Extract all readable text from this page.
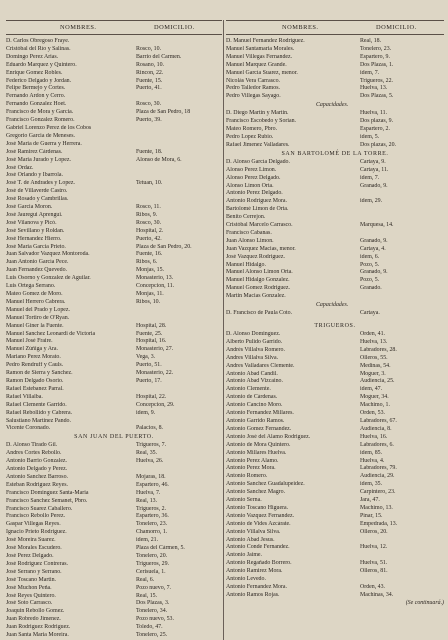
NOMBRES.	DOMICILIO.
D. Carlos Obregoso Fraye.
Cristóbal del Río y Salinas.	Rosco, 10.
Domingo Perez Arias.	Barrio del Carmen.
Eduardo Marquez y Quintero.	Rosano, 10.
Enrique Gomez Robles.	Rincon, 22.
Federico Delgado y Jordan.	Fuente, 15.
Felipe Bermejo y Cortes.	Puerto, 41.
Fernando Ardon y Cerro.
Fernando Gonzalez Hoet.	Rosco, 30.
Francisco de Mora y Garcia.	Plaza de San Pedro, 18
Francisco Gonzalez Romero.	Puerto, 39.
Gabriel Lorenzo Perez de los Cobos
Gregorio Garcia de Meneses.
José Maria de Guerra y Herrera.
José Ramirez Cárdenas.	Fuente, 18.
José Maria Jurado y Lopez.	Alonso de Mora, 6.
José Ordaz.
José Orlando y Ibarrola.
José T. de Andrades y Lopez.	Tetuan, 10.
José de Villaverde Castro.
José Rosado y Cambrillas.
José Garcia Moron.	Rosco, 11.
José Jauregui Aprengui.	Ribos, 9.
José Vilanova y Picó.	Rosco, 30.
José Sevillano y Roldan.	Hospital, 2.
José Hernandez Hierro.	Puerto, 42.
José Maria Garcia Prieto.	Plaza de San Pedro, 20.
Juan Salvador Vazquez Montoroda.	Fuente, 16.
Juan Antonio García Pece.	Ribos, 6.
Juan Fernandez Quevedo.	Monjas, 15.
Luis Osorno y Gonzalez de Aguilar.	Monasterio, 13.
Luis Ortega Serrano.	Concepcion, 11.
Mateo Gomez de Moro.	Monjas, 11.
Manuel Herrero Cabrera.	Ribos, 10.
Manuel del Prado y Lopez.
Manuel Tortiro de O'Ryan.
Manuel Giner la Fuente.	Hospital, 28.
Manuel Sanchez Leonardi de Victoria	Fuente, 25.
Manuel José Fraire.	Hospital, 16.
Manuel Zúñiga y Ara.	Monasterio, 27.
Mariano Perez Morato.	Vega, 3.
Pedro Rendruff y Cauls.	Puerto, 51.
Ramon de Sierra y Sanchez.	Monasterio, 22.
Ramon Delgado Osorio.	Puerto, 17.
Rafael Estebanez Parral.
Rafael Villalba.	Hospital, 22.
Rafael Clemente Garrido.	Concepcion, 29.
Rafael Rebollido y Cabrera.	idem, 9.
Salustiano Martinez Pando.
Vicente Coronado.	Palacios, 8.
SAN JUAN DEL PUERTO.
D. Alonso Tirado Gil.	Trigueros, 7.
Andres Cortes Rebollo.	Real, 35.
Antonio Barrio Gonzalez.	Huelva, 26.
Antonio Delgado y Perez.
Antonio Sanchez Barroso.	Mojaras, 18.
Esteban Rodriguez Reyes.	Espartero, 46.
Francisco Dominguez Santa-Maria	Huelva, 7.
Francisco Sanchez Semanet, Pbro.	Real, 13.
Francisco Suarez Caballero.	Trigueros, 2.
Francisco Rebollo Perez.	Espartero, 36.
Gaspar Villegas Reyes.	Tonelero, 23.
Ignacio Prieto Rodriguez.	Chamorro, 1.
José Moreira Suarez.	idem, 21.
José Morales Escudero.	Plaza del Cármen, 5.
José Perez Delgado.	Tonelero, 20.
José Rodriguez Contreras.	Trigueros, 29.
José Serrano y Serrano.	Cerisuela, 1.
José Toscano Martin.	Real, 6.
José Muchon Peña.	Pozo nuevo, 7.
José Reyes Quintero.	Real, 15.
José Soto Carrasco.	Dos Plazas, 3.
Joaquin Rebollo Gomez.	Tonelero, 34.
Juan Robredo Jimenez.	Pozo nuevo, 53.
Juan Rodriguez Rodriguez.	Toledo, 47.
Juan Santa Maria Moreira.	Tonelero, 25.
NOMBRES.	DOMICILIO.
D. Manuel Fernandez Rodriguez.	Real, 18.
Manuel Santamaria Morales.	Tonelero, 23.
Manuel Villegas Fernandez.	Espartero, 9.
Manuel Marquez Grande.	Dos Plazas, 1.
Manuel García Suarez, menor.	idem, 7.
Nicolás Vera Carrasco.	Trigueros, 22.
Pedro Talledor Ramos.	Huelva, 13.
Pedro Villegas Sayago.	Dos Plazas, 5.
Capacidades.
D. Diego Martin y Martin.	Huelva, 11.
Francisco Escobedo y Sorian.	Dos plazas, 9.
Mateo Romero, Pbro.	Espartero, 2.
Pedro Lopez Rubio.	idem, 5.
Rafael Jimenez Valladares.	Dos plazas, 20.
SAN BARTOLOMÉ DE LA TORRE.
D. Alonso García Delgado.	Cartaya, 9.
Alonso Perez Limon.	Cartaya, 11.
Alonso Perez Delgado.	idem, 7.
Alonso Limon Orta.	Granado, 9.
Antonio Perez Delgado.
Antonio Rodriguez Mora.	idem, 29.
Bartolomé Limon de Orta.
Benito Cerrejon.
Cristóbal Marcelo Carrasco.	Marquesa, 14.
Francisco Cabanas.
Juan Alonso Limon.	Granado, 9.
Juan Vazquez Macias, menor.	Cartaya, 4.
José Vazquez Rodriguez.	idem, 6.
Manuel Hidalgo.	Pozo, 5.
Manuel Alonso Limon Orta.	Granado, 9.
Manuel Hidalgo Gonzalez.	Pozo, 5.
Manuel Gomez Rodriguez.	Granado.
Martin Macias Gonzalez.
Capacidades.
D. Francisco de Paula Coto.	Cartaya.
TRIGUEROS.
D. Alonso Dominguez.	Orden, 41.
Alberto Pulido Garrido.	Huelva, 13.
Andrés Villalva Romero.	Labradores, 28.
Andres Villalva Silva.	Olleros, 55.
Andres Valladares Clemente.	Medinas, 54.
Antonio Abad Candil.	Moguer, 3.
Antonio Abad Vizcaino.	Audiencia, 25.
Antonio Clemente.	idem, 47.
Antonio de Cárdenas.	Moguer, 34.
Antonio Cancino Moro.	Machimo, 1.
Antonio Fernandez Millares.	Orden, 53.
Antonio Garrido Ramos.	Labradores, 67.
Antonio Gomez Fernandez.	Audiencia, 8.
Antonio José del Alamo Rodriguez.	Huelva, 16.
Antonio de Mora Quintero.	Labradores, 6.
Antonio Millares Huelva.	idem, 85.
Antonio Perez Alamo.	Huelva, 4.
Antonio Perez Mora.	Labradores, 79.
Antonio Romero.	Audiencia, 29.
Antonio Sanchez Guadalupeidez.	idem, 35.
Antonio Sanchez Magro.	Carpintero, 23.
Antonio Serna.	Jara, 47.
Antonio Toscano Higuera.	Machimo, 13.
Antonio Vazquez Fernandez.	Pinar, 15.
Antonio de Vides Azcárate.	Empedrada, 13.
Antonio Villalva Silva.	Olleros, 20.
Antonio Abad Jesus.
Antonio Conde Fernandez.	Huelva, 12.
Antonio Jaime.
Antonio Regañado Borrero.	Huelva, 51.
Antonio Ramirez Mora.	Olleros, 81.
Antonio Levedo.
Antonio Fernandez Mora.	Orden, 43.
Antonio Ramos Rojas.	Machinas, 34.
(Se continuará.)
